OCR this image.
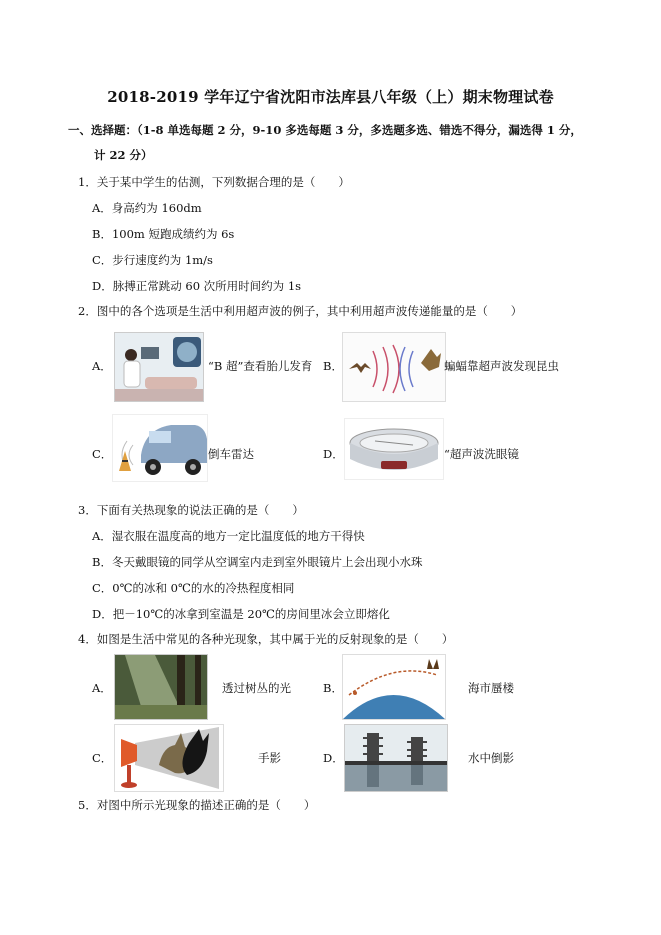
2018-2019 学年辽宁省沈阳市法库县八年级（上）期末物理试卷
一、选择题：（1-8 单选每题 2 分，9-10 多选每题 3 分，多选题多选、错选不得分，漏选得 1 分，
计 22 分）
1．关于某中学生的估测，下列数据合理的是（　　）
A．身高约为 160dm
B．100m 短跑成绩约为 6s
C．步行速度约为 1m/s
D．脉搏正常跳动 60 次所用时间约为 1s
2．图中的各个选项是生活中利用超声波的例子，其中利用超声波传递能量的是（　　）
A．	“B 超”查看胎儿发育 B．	蝙蝠靠超声波发现昆虫
C．	倒车雷达	D．	“超声波洗眼镜
3．下面有关热现象的说法正确的是（　　）
A．湿衣服在温度高的地方一定比温度低的地方干得快
B．冬天戴眼镜的同学从空调室内走到室外眼镜片上会出现小水珠
C．0℃的冰和 0℃的水的冷热程度相同
D．把－10℃的冰拿到室温是 20℃的房间里冰会立即熔化
4．如图是生活中常见的各种光现象，其中属于光的反射现象的是（　　）
A．	透过树丛的光	B．	海市蜃楼
C．	手影	D．	水中倒影
5．对图中所示光现象的描述正确的是（　　）
